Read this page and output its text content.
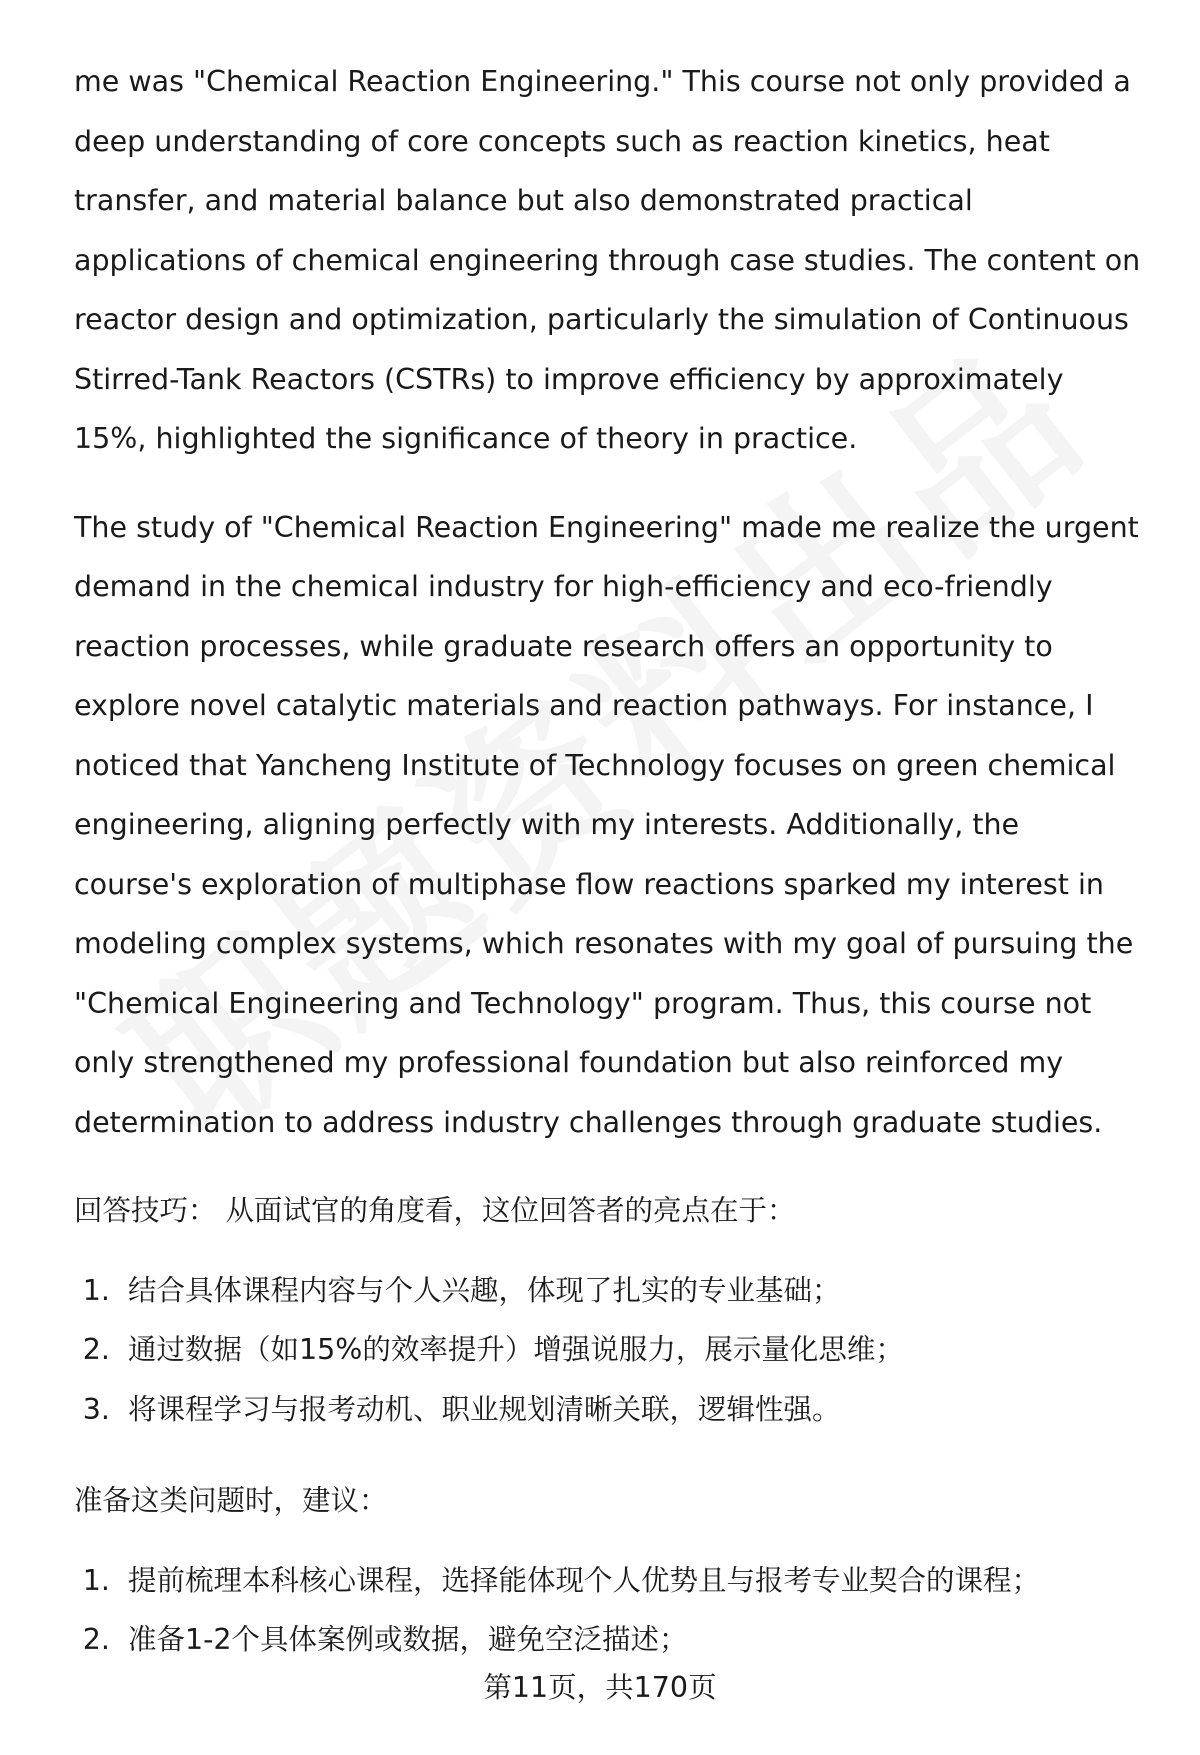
me was "Chemical Reaction Engineering." This course not only provided a deep understanding of core concepts such as reaction kinetics, heat transfer, and material balance but also demonstrated practical applications of chemical engineering through case studies. The content on reactor design and optimization, particularly the simulation of Continuous Stirred-Tank Reactors (CSTRs) to improve efficiency by approximately 15%, highlighted the significance of theory in practice.

The study of "Chemical Reaction Engineering" made me realize the urgent demand in the chemical industry for high-efficiency and eco-friendly reaction processes, while graduate research offers an opportunity to explore novel catalytic materials and reaction pathways. For instance, I noticed that Yancheng Institute of Technology focuses on green chemical engineering, aligning perfectly with my interests. Additionally, the course's exploration of multiphase flow reactions sparked my interest in modeling complex systems, which resonates with my goal of pursuing the "Chemical Engineering and Technology" program. Thus, this course not only strengthened my professional foundation but also reinforced my determination to address industry challenges through graduate studies.

回答技巧： 从面试官的角度看，这位回答者的亮点在于：
1. 结合具体课程内容与个人兴趣，体现了扎实的专业基础；
2. 通过数据（如15%的效率提升）增强说服力，展示量化思维；
3. 将课程学习与报考动机、职业规划清晰关联，逻辑性强。
准备这类问题时，建议：
1. 提前梳理本科核心课程，选择能体现个人优势且与报考专业契合的课程；
2. 准备1-2个具体案例或数据，避免空泛描述；
第11页，共170页
